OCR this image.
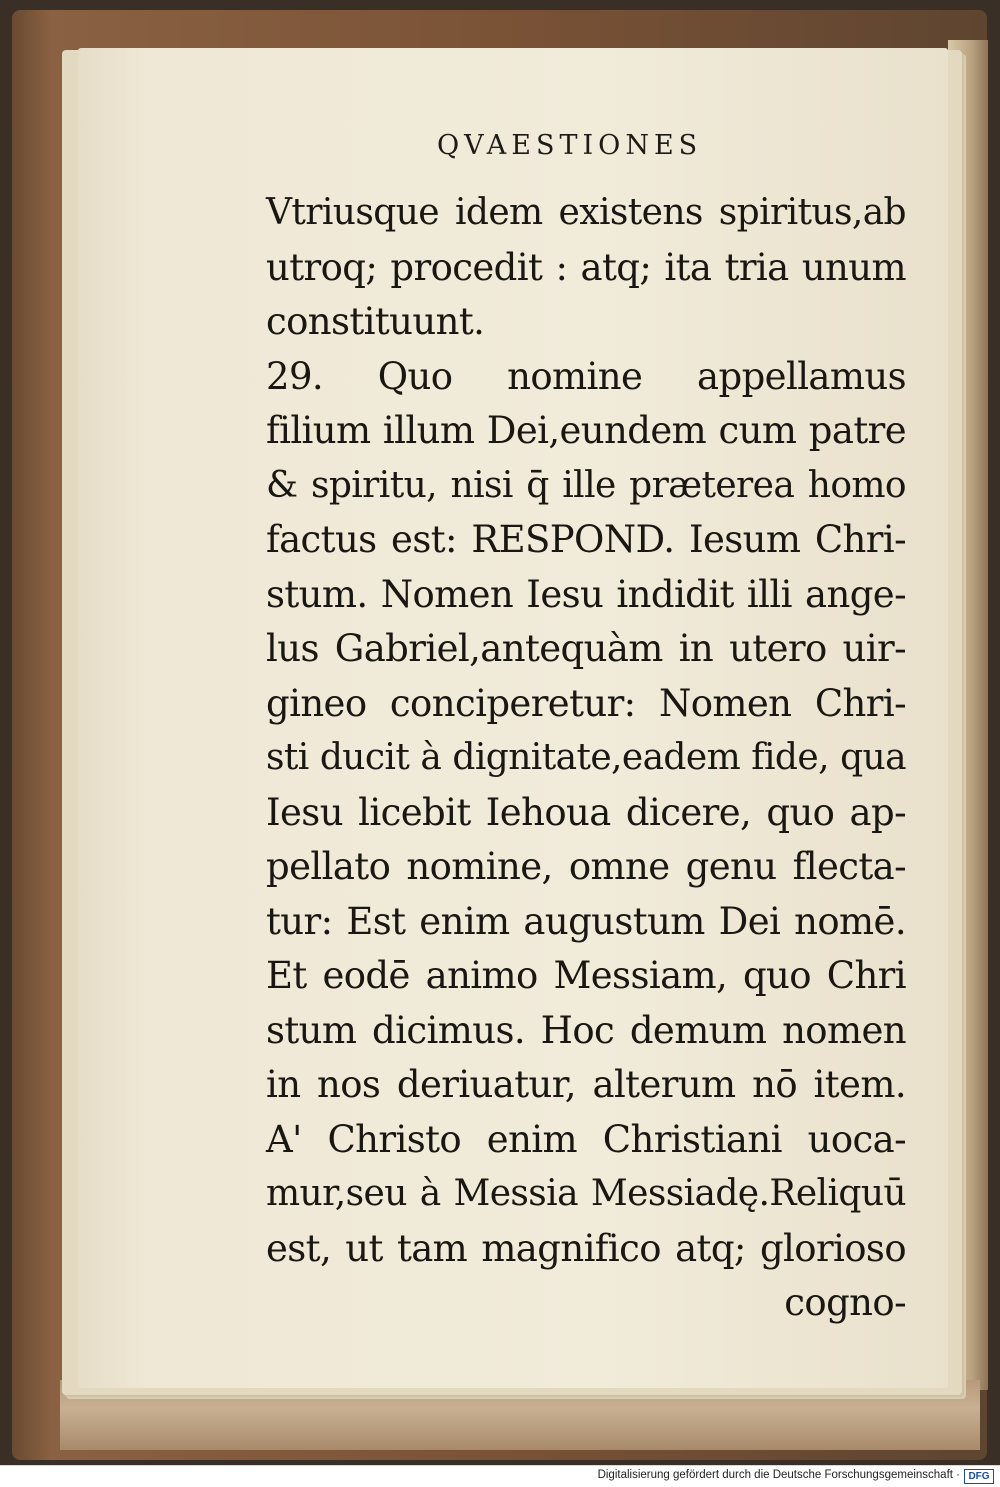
QVAESTIONES
Vtriusque idem existens spiritus,ab
utroq; procedit : atq; ita tria unum
constituunt.
29. Quo nomine appellamus
filium illum Dei,eundem cum patre
& spiritu, nisi q̄ ille præterea homo
factus est: RESPOND. Iesum Chri-
stum. Nomen Iesu indidit illi ange-
lus Gabriel,antequàm in utero uir-
gineo conciperetur: Nomen Chri-
sti ducit à dignitate,eadem fide, qua
Iesu licebit Iehoua dicere, quo ap-
pellato nomine, omne genu flecta-
tur: Est enim augustum Dei nomē.
Et eodē animo Messiam, quo Chri
stum dicimus. Hoc demum nomen
in nos deriuatur, alterum nō item.
A' Christo enim Christiani uoca-
mur,seu à Messia Messiadę.Reliquū
est, ut tam magnifico atq; glorioso
cogno-
Digitalisierung gefördert durch die Deutsche Forschungsgemeinschaft · DFG
